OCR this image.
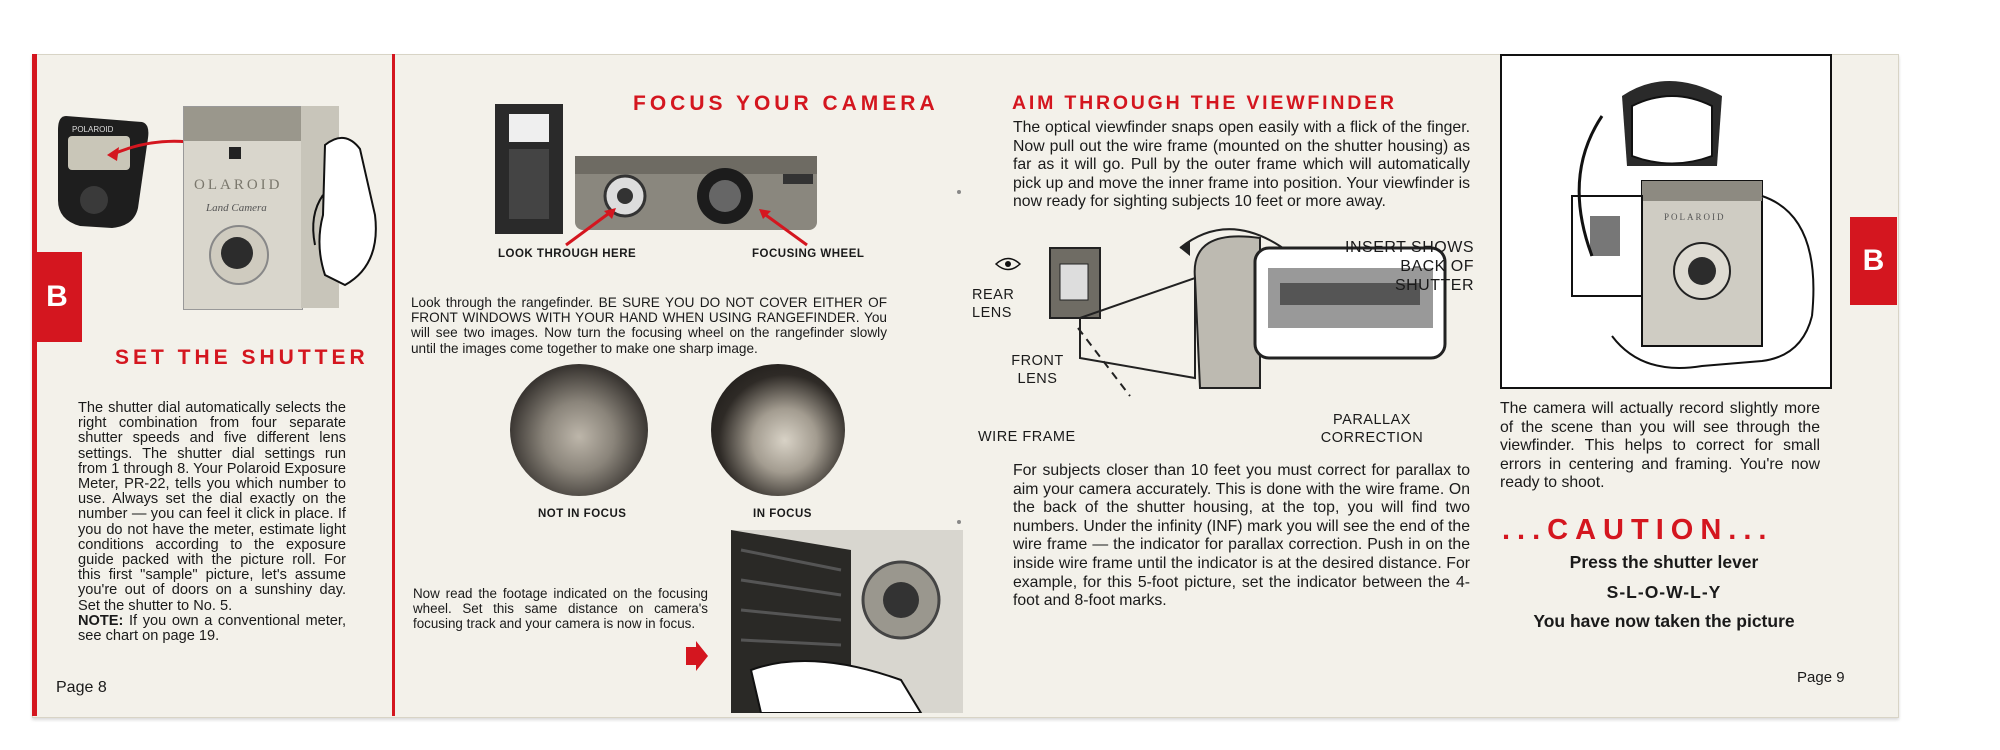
B
POLAROID
OLAROID
Land Camera
SET THE SHUTTER
The shutter dial automatically selects the right combination from four separate shutter speeds and five different lens settings. The shutter dial settings run from 1 through 8. Your Polaroid Exposure Meter, PR-22, tells you which number to use. Always set the dial exactly on the number — you can feel it click in place. If you do not have the meter, estimate light conditions according to the exposure guide packed with the picture roll. For this first "sample" picture, let's assume you're out of doors on a sunshiny day. Set the shutter to No. 5.
NOTE: If you own a conventional meter, see chart on page 19.
Page 8
FOCUS YOUR CAMERA
LOOK THROUGH HERE	FOCUSING WHEEL
Look through the rangefinder. BE SURE YOU DO NOT COVER EITHER OF FRONT WINDOWS WITH YOUR HAND WHEN USING RANGEFINDER. You will see two images. Now turn the focusing wheel on the rangefinder slowly until the images come together to make one sharp image.
NOT IN FOCUS	IN FOCUS
Now read the footage indicated on the focusing wheel. Set this same distance on camera's focusing track and your camera is now in focus.
AIM THROUGH THE VIEWFINDER
The optical viewfinder snaps open easily with a flick of the finger. Now pull out the wire frame (mounted on the shutter housing) as far as it will go. Pull by the outer frame which will automatically pick up and move the inner frame into position. Your viewfinder is now ready for sighting subjects 10 feet or more away.
INSERT SHOWS BACK OF SHUTTER
REAR LENS
FRONT LENS
WIRE FRAME
PARALLAX CORRECTION
For subjects closer than 10 feet you must correct for parallax to aim your camera accurately. This is done with the wire frame. On the back of the shutter housing, at the top, you will find two numbers. Under the infinity (INF) mark you will see the end of the wire frame — the indicator for parallax correction. Push in on the inside wire frame until the indicator is at the desired distance. For example, for this 5-foot picture, set the indicator between the 4-foot and 8-foot marks.
POLAROID
B
The camera will actually record slightly more of the scene than you will see through the viewfinder. This helps to correct for small errors in centering and framing. You're now ready to shoot.
...CAUTION...
Press the shutter lever
S-L-O-W-L-Y
You have now taken the picture
Page 9
